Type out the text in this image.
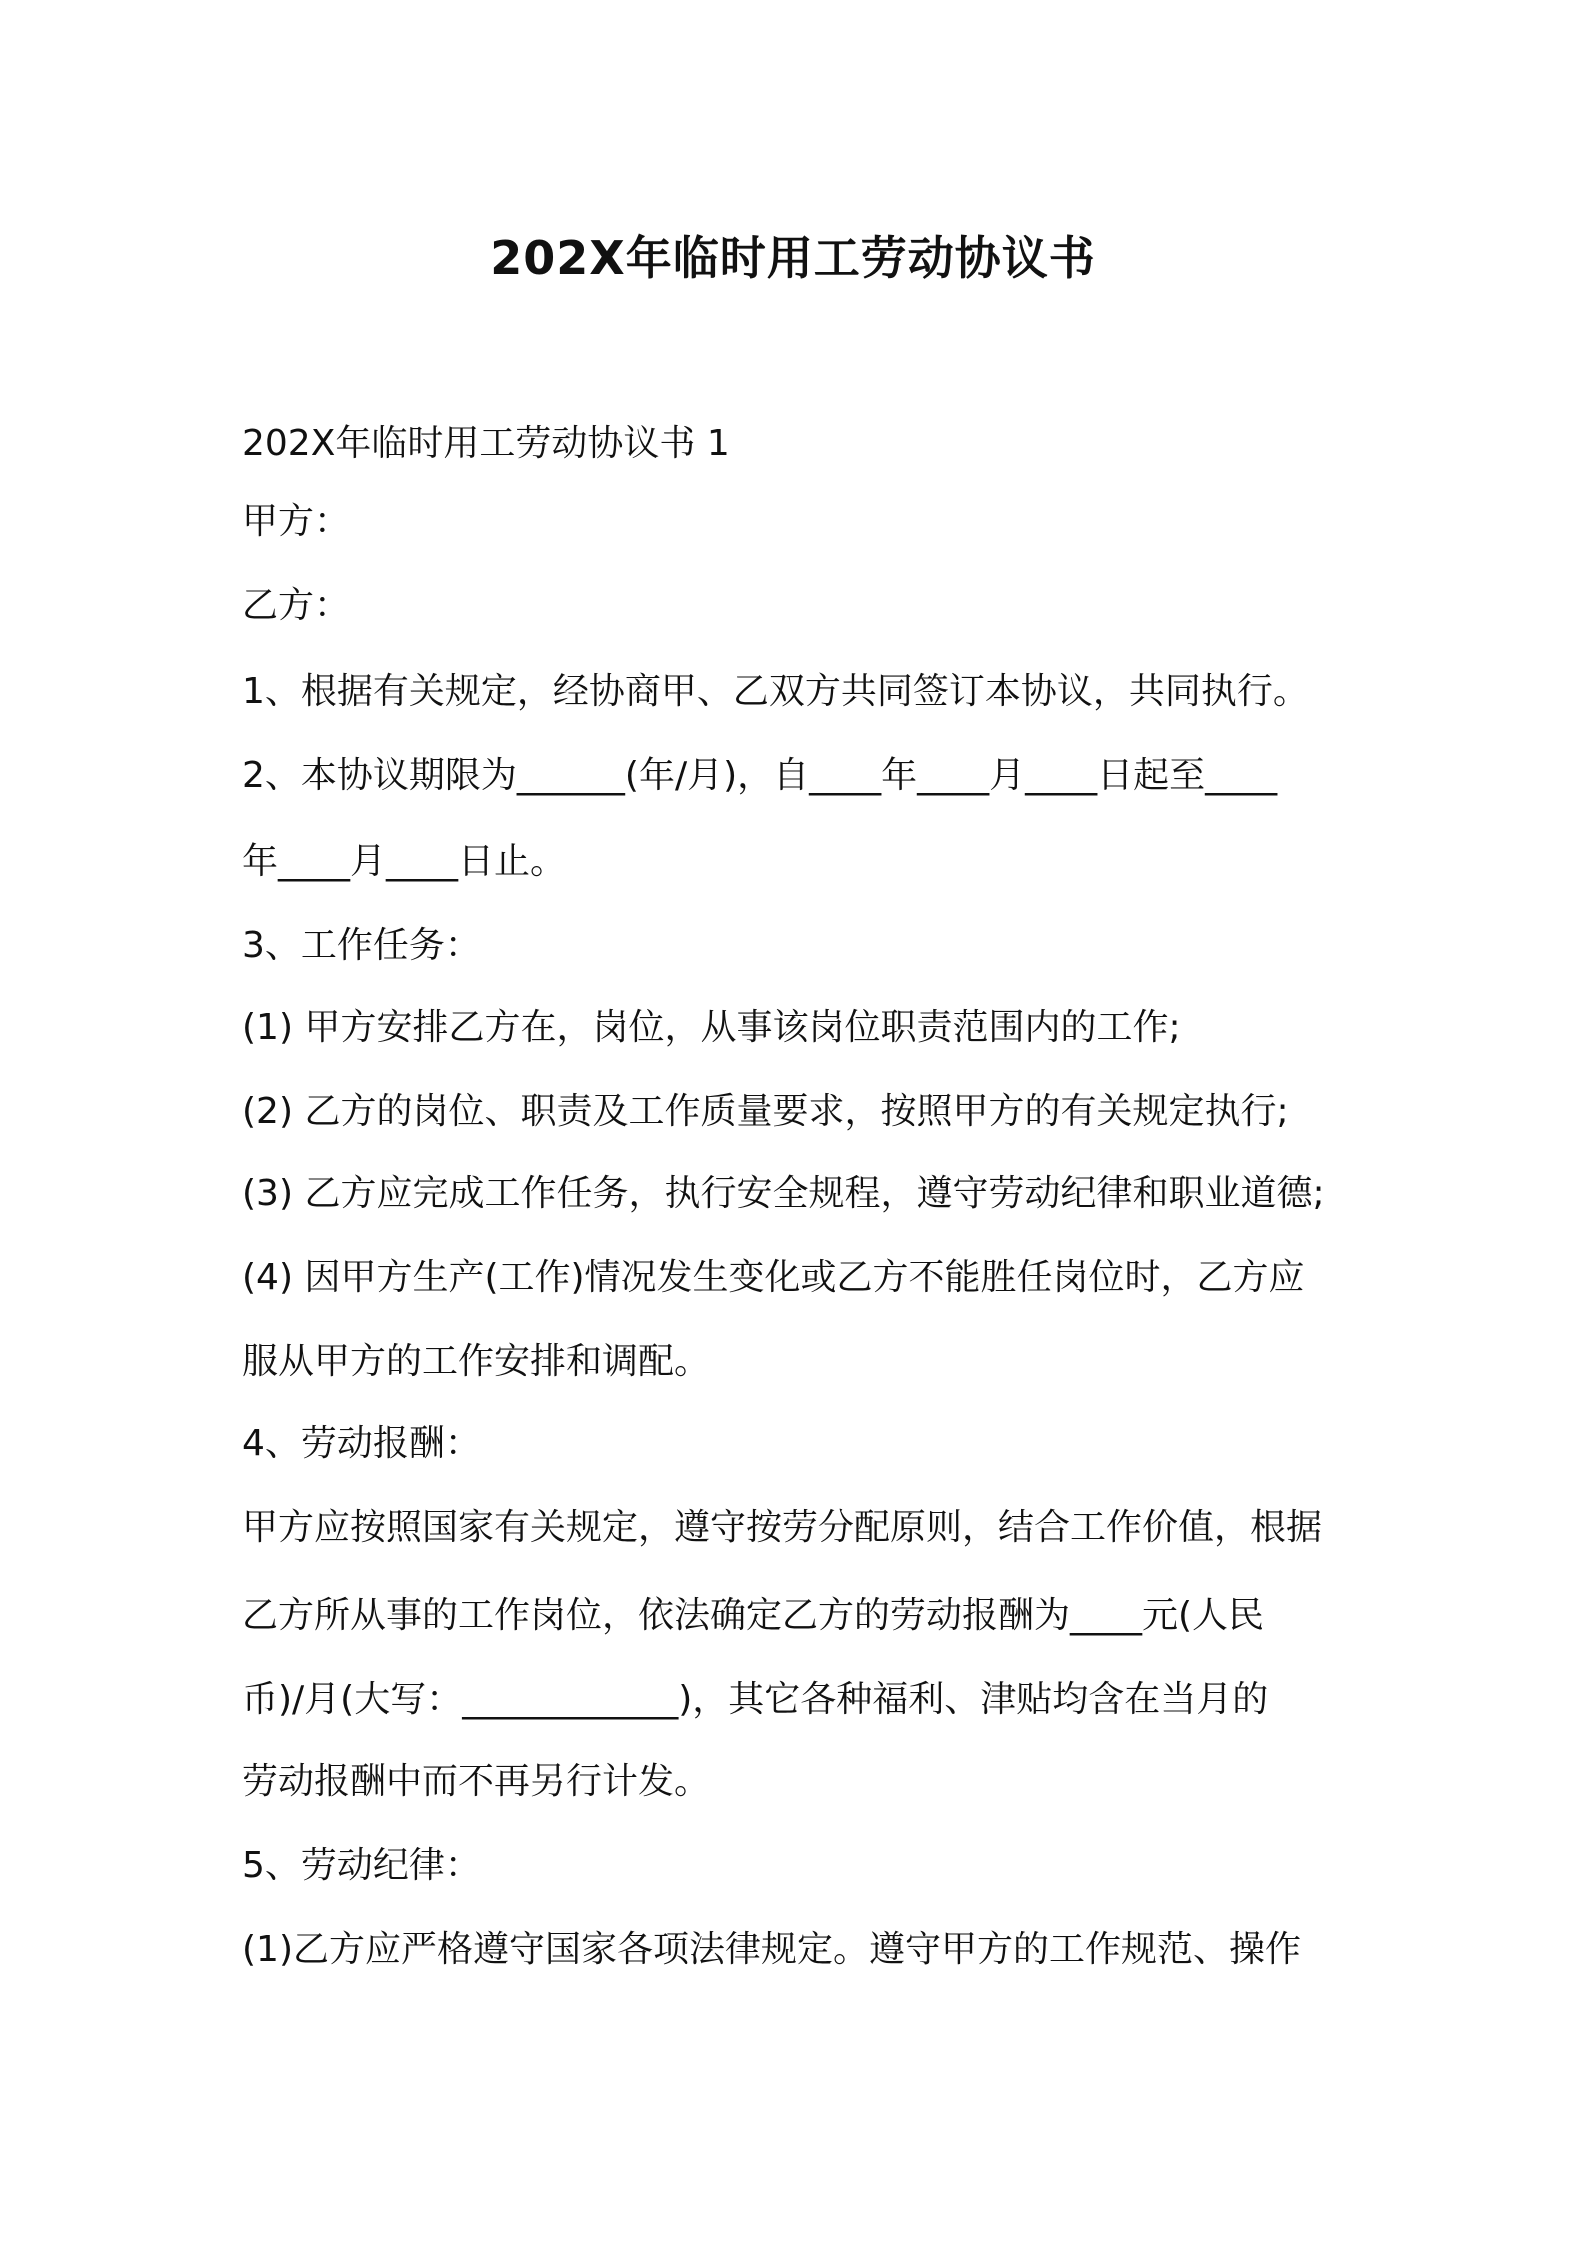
202X年临时用工劳动协议书
202X年临时用工劳动协议书 1
甲方：
乙方：
1、根据有关规定，经协商甲、乙双方共同签订本协议，共同执行。
2、本协议期限为______(年/月)，自____年____月____日起至____
年____月____日止。
3、工作任务：
(1) 甲方安排乙方在，岗位，从事该岗位职责范围内的工作;
(2) 乙方的岗位、职责及工作质量要求，按照甲方的有关规定执行;
(3) 乙方应完成工作任务，执行安全规程，遵守劳动纪律和职业道德;
(4) 因甲方生产(工作)情况发生变化或乙方不能胜任岗位时，乙方应
服从甲方的工作安排和调配。
4、劳动报酬：
甲方应按照国家有关规定，遵守按劳分配原则，结合工作价值，根据
乙方所从事的工作岗位，依法确定乙方的劳动报酬为____元(人民
币)/月(大写：____________)，其它各种福利、津贴均含在当月的
劳动报酬中而不再另行计发。
5、劳动纪律：
(1)乙方应严格遵守国家各项法律规定。遵守甲方的工作规范、操作
